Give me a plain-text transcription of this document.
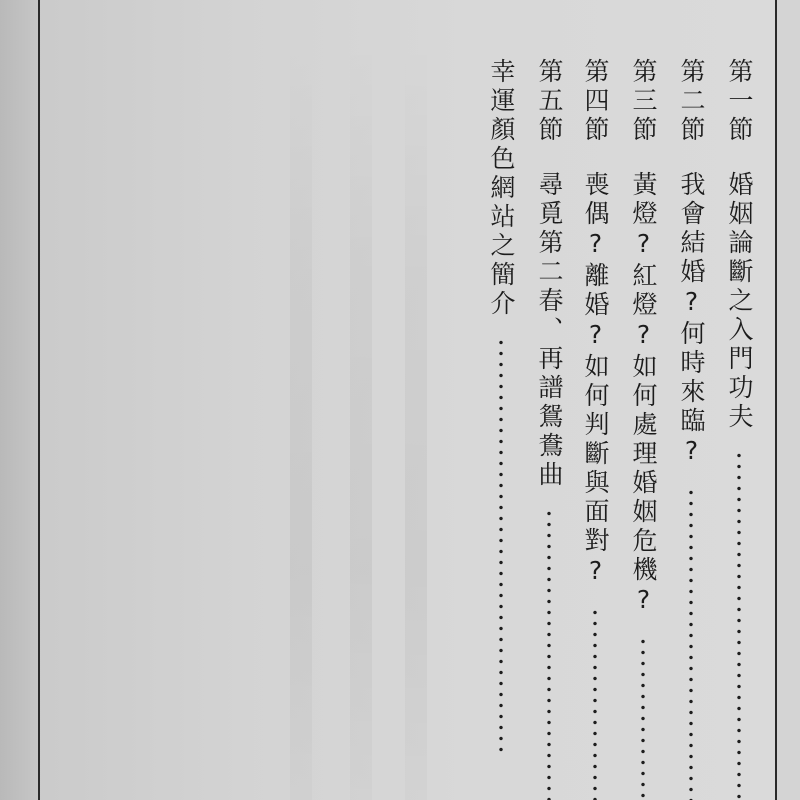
第一節
婚姻論斷之入門功夫
第二節
我會結婚?何時來臨?
第三節
黃燈?紅燈?如何處理婚姻危機?
第四節
喪偶?離婚?如何判斷與面對?
第五節
尋覓第二春、再譜鴛鴦曲
幸運顏色網站之簡介
